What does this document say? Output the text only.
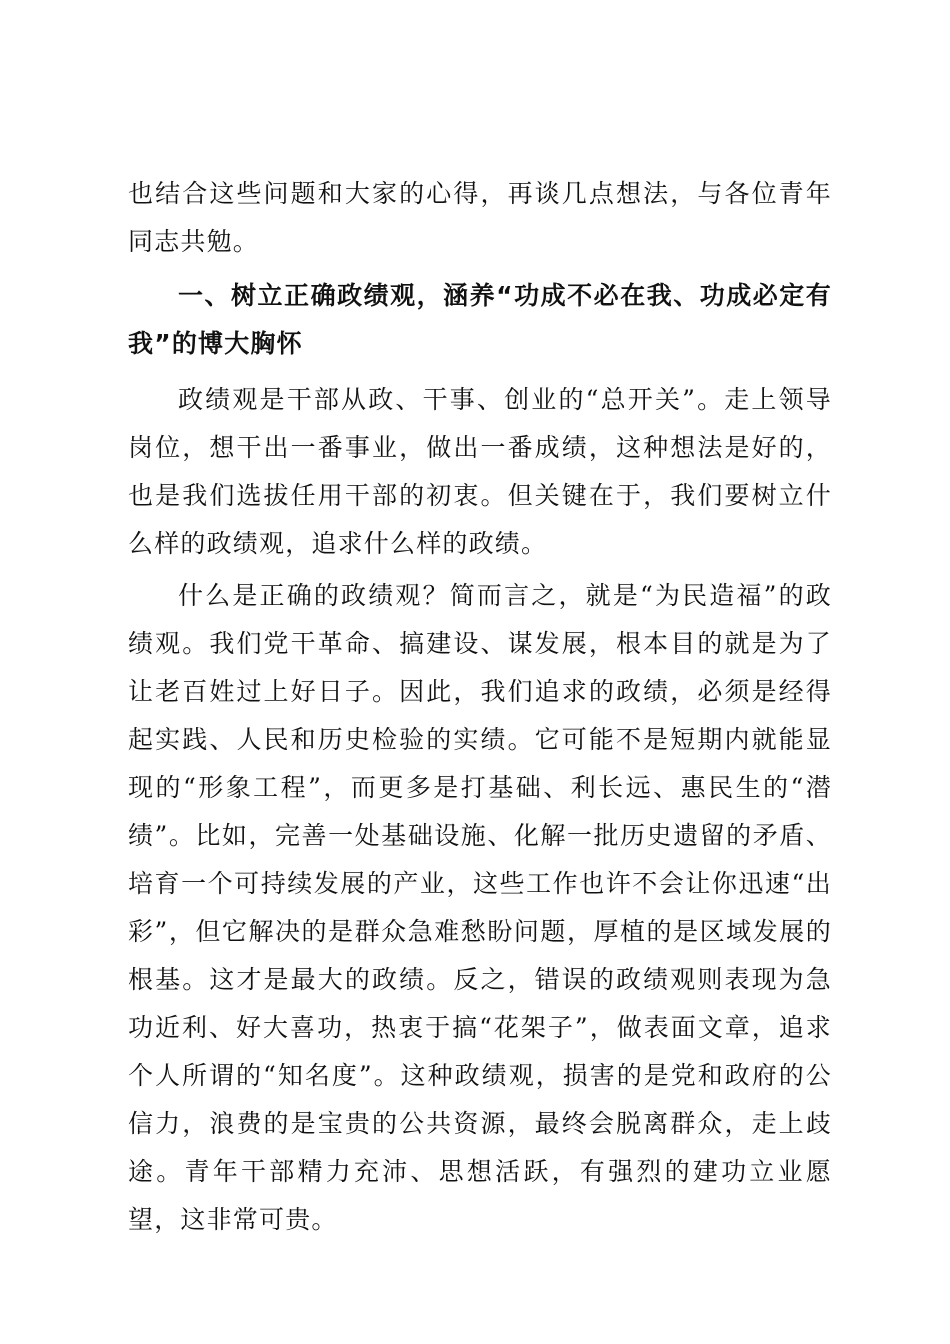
也结合这些问题和大家的心得，再谈几点想法，与各位青年同志共勉。

一、树立正确政绩观，涵养“功成不必在我、功成必定有我”的博大胸怀

政绩观是干部从政、干事、创业的“总开关”。走上领导岗位，想干出一番事业，做出一番成绩，这种想法是好的，也是我们选拔任用干部的初衷。但关键在于，我们要树立什么样的政绩观，追求什么样的政绩。

什么是正确的政绩观？简而言之，就是“为民造福”的政绩观。我们党干革命、搞建设、谋发展，根本目的就是为了让老百姓过上好日子。因此，我们追求的政绩，必须是经得起实践、人民和历史检验的实绩。它可能不是短期内就能显现的“形象工程”，而更多是打基础、利长远、惠民生的“潜绩”。比如，完善一处基础设施、化解一批历史遗留的矛盾、培育一个可持续发展的产业，这些工作也许不会让你迅速“出彩”，但它解决的是群众急难愁盼问题，厚植的是区域发展的根基。这才是最大的政绩。反之，错误的政绩观则表现为急功近利、好大喜功，热衷于搞“花架子”，做表面文章，追求个人所谓的“知名度”。这种政绩观，损害的是党和政府的公信力，浪费的是宝贵的公共资源，最终会脱离群众，走上歧途。青年干部精力充沛、思想活跃，有强烈的建功立业愿望，这非常可贵。
